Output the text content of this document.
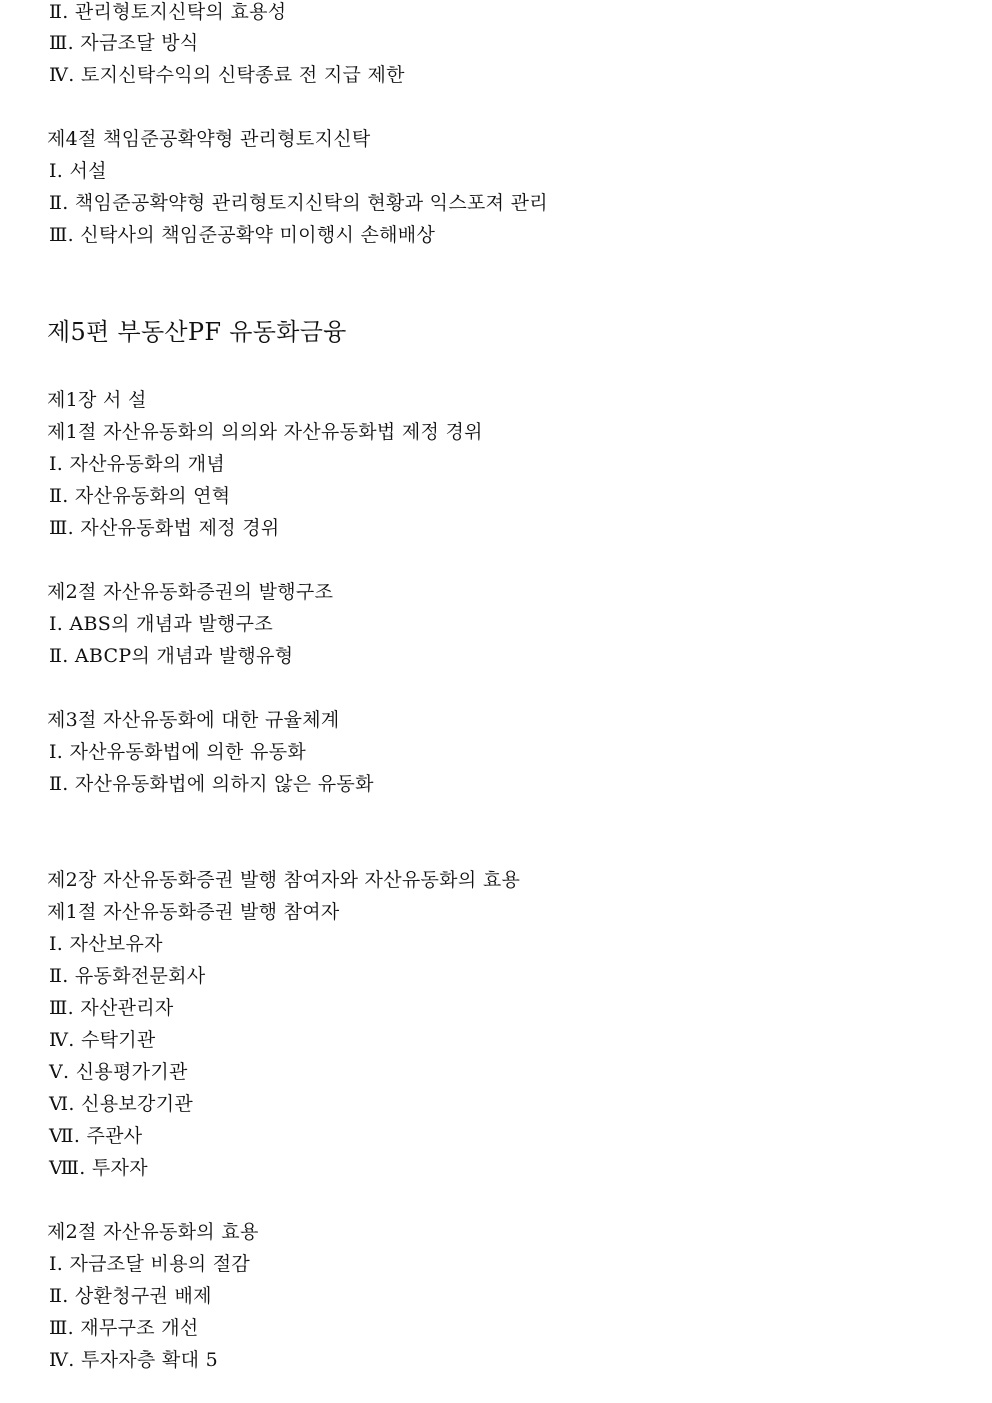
Ⅱ. 관리형토지신탁의 효용성
Ⅲ. 자금조달 방식
Ⅳ. 토지신탁수익의 신탁종료 전 지급 제한
제4절 책임준공확약형 관리형토지신탁
Ⅰ. 서설
Ⅱ. 책임준공확약형 관리형토지신탁의 현황과 익스포져 관리
Ⅲ. 신탁사의 책임준공확약 미이행시 손해배상
제5편 부동산PF 유동화금융
제1장 서 설
제1절 자산유동화의 의의와 자산유동화법 제정 경위
Ⅰ. 자산유동화의 개념
Ⅱ. 자산유동화의 연혁
Ⅲ. 자산유동화법 제정 경위
제2절 자산유동화증권의 발행구조
Ⅰ. ABS의 개념과 발행구조
Ⅱ. ABCP의 개념과 발행유형
제3절 자산유동화에 대한 규율체계
Ⅰ. 자산유동화법에 의한 유동화
Ⅱ. 자산유동화법에 의하지 않은 유동화
제2장 자산유동화증권 발행 참여자와 자산유동화의 효용
제1절 자산유동화증권 발행 참여자
Ⅰ. 자산보유자
Ⅱ. 유동화전문회사
Ⅲ. 자산관리자
Ⅳ. 수탁기관
Ⅴ. 신용평가기관
Ⅵ. 신용보강기관
Ⅶ. 주관사
Ⅷ. 투자자
제2절 자산유동화의 효용
Ⅰ. 자금조달 비용의 절감
Ⅱ. 상환청구권 배제
Ⅲ. 재무구조 개선
Ⅳ. 투자자층 확대 5
